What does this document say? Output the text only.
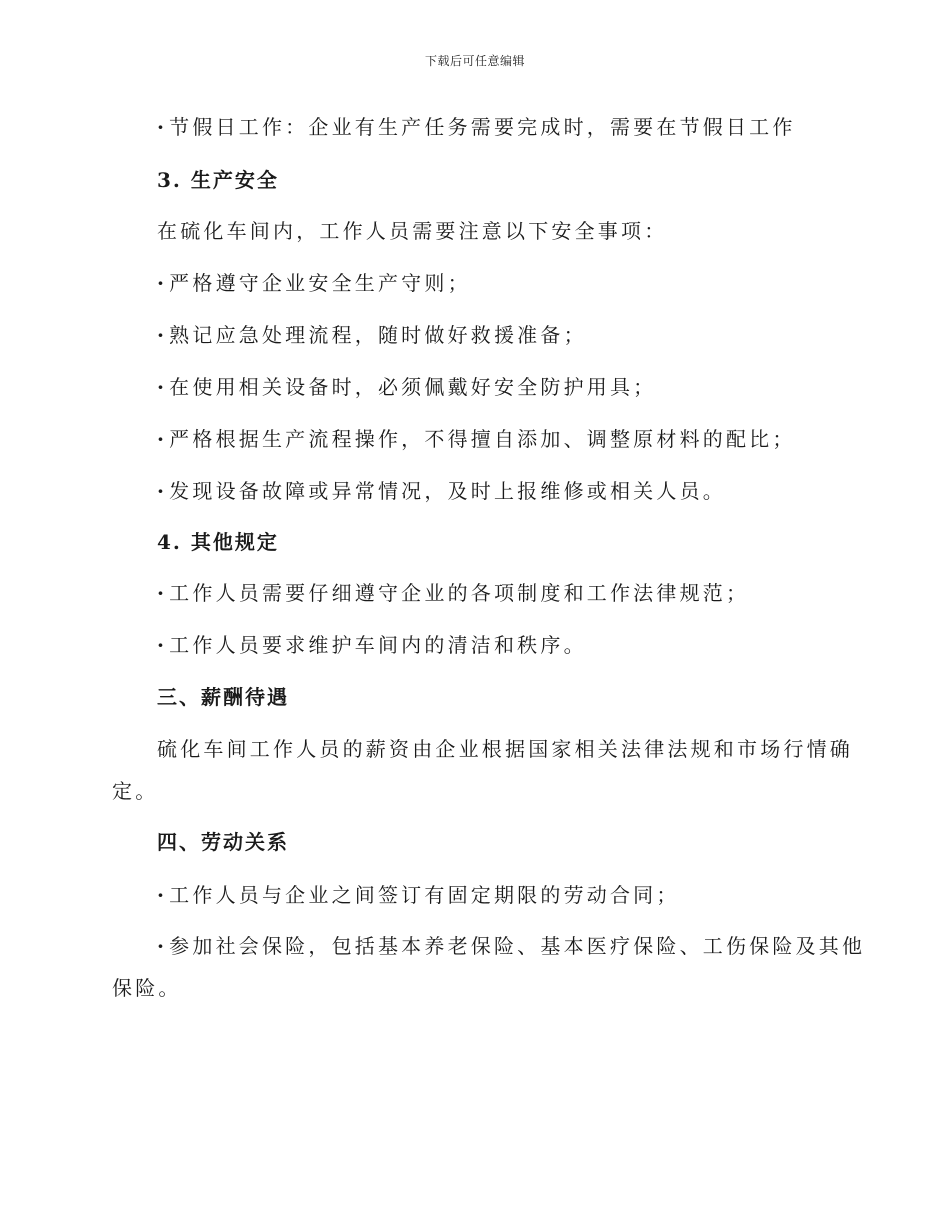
下载后可任意编辑
· 节假日工作：企业有生产任务需要完成时，需要在节假日工作
3. 生产安全
在硫化车间内，工作人员需要注意以下安全事项：
· 严格遵守企业安全生产守则；
· 熟记应急处理流程，随时做好救援准备；
· 在使用相关设备时，必须佩戴好安全防护用具；
· 严格根据生产流程操作，不得擅自添加、调整原材料的配比；
· 发现设备故障或异常情况，及时上报维修或相关人员。
4. 其他规定
· 工作人员需要仔细遵守企业的各项制度和工作法律规范；
· 工作人员要求维护车间内的清洁和秩序。
三、薪酬待遇
硫化车间工作人员的薪资由企业根据国家相关法律法规和市场行情确
定。
四、劳动关系
· 工作人员与企业之间签订有固定期限的劳动合同；
· 参加社会保险，包括基本养老保险、基本医疗保险、工伤保险及其他
保险。
